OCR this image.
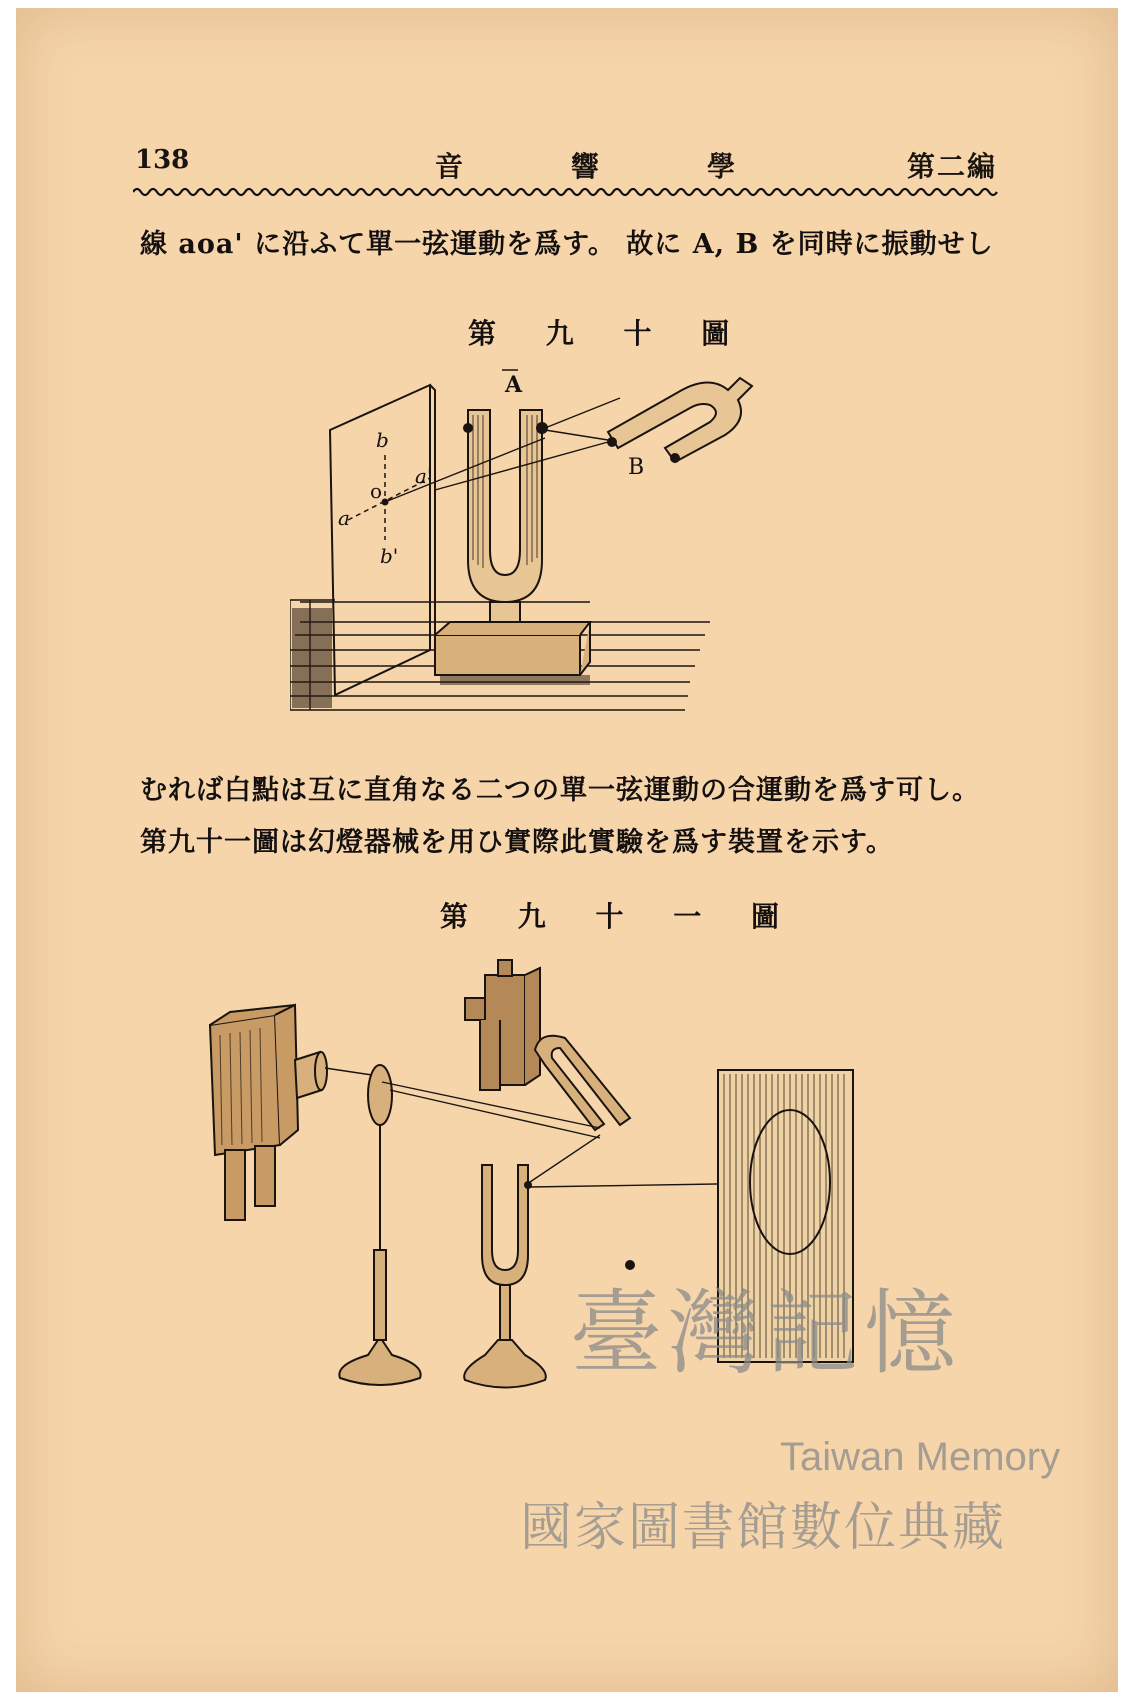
138	音	響	學	第二編
線 aoa' に沿ふて單一弦運動を爲す。 故に A, B を同時に振動せし
第 九 十 圖
A
B
b
o
a'
a
b'
むれば白點は互に直角なる二つの單一弦運動の合運動を爲す可し。
第九十一圖は幻燈器械を用ひ實際此實驗を爲す裝置を示す。
第 九 十 一 圖
臺灣記憶
Taiwan Memory
國家圖書館數位典藏
